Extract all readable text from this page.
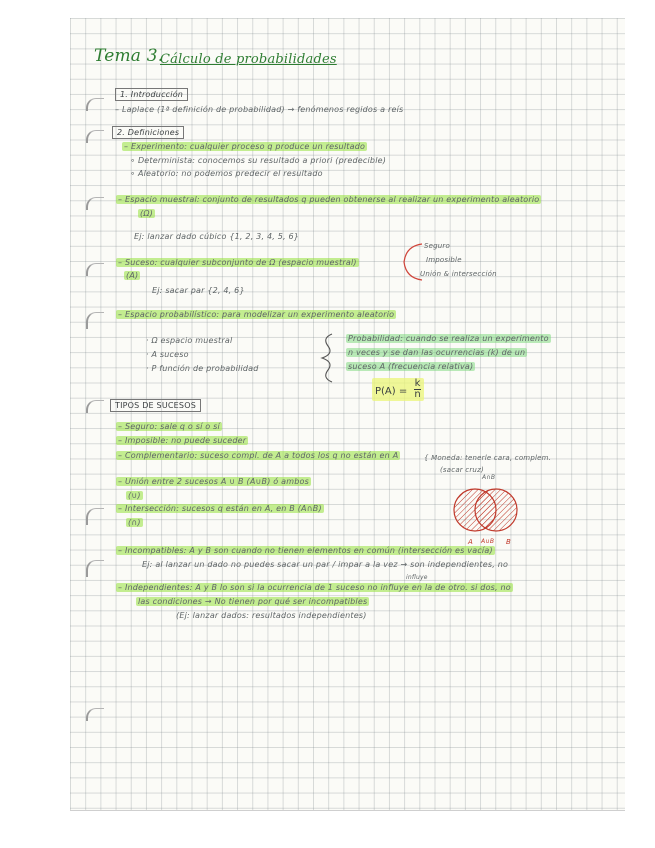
Tema 3.
Cálculo de probabilidades
1. Introducción
– Laplace (1ª definición de probabilidad) → fenómenos regidos a reís
2. Definiciones
– Experimento: cualquier proceso q produce un resultado
∘ Determinista: conocemos su resultado a priori (predecible)
∘ Aleatorio: no podemos predecir el resultado
– Espacio muestral: conjunto de resultados q pueden obtenerse al realizar un experimento aleatorio
(Ω)
Ej: lanzar dado cúbico {1, 2, 3, 4, 5, 6}
– Suceso: cualquier subconjunto de Ω (espacio muestral)
(A)
Ej: sacar par {2, 4, 6}
Seguro
Imposible
Unión & intersección
– Espacio probabilístico: para modelizar un experimento aleatorio
· Ω espacio muestral
· A suceso
· P función de probabilidad
Probabilidad: cuando se realiza un experimento
n veces y se dan las ocurrencias (k) de un
suceso A (frecuencia relativa)
$P(A) = \frac{k}{n}$
TIPOS DE SUCESOS
– Seguro: sale q o sí o sí
– Imposible: no puede suceder
– Complementario: suceso compl. de A a todos los q no están en A	{ Moneda: tenerle cara, complem.
(sacar cruz)
– Unión entre 2 sucesos A ∪ B (A∪B) ó ambos
(∪)
– Intersección: sucesos q están en A, en B (A∩B)
(∩)
A∩B
A A∪B B
– Incompatibles: A y B son cuando no tienen elementos en común (intersección es vacía)
Ej: al lanzar un dado no puedes sacar un par / impar a la vez → son independientes, no
influye
– Independientes: A y B lo son si la ocurrencia de 1 suceso no influye en la de otro. si dos, no
las condiciones → No tienen por qué ser incompatibles
(Ej: lanzar dados: resultados independientes)
